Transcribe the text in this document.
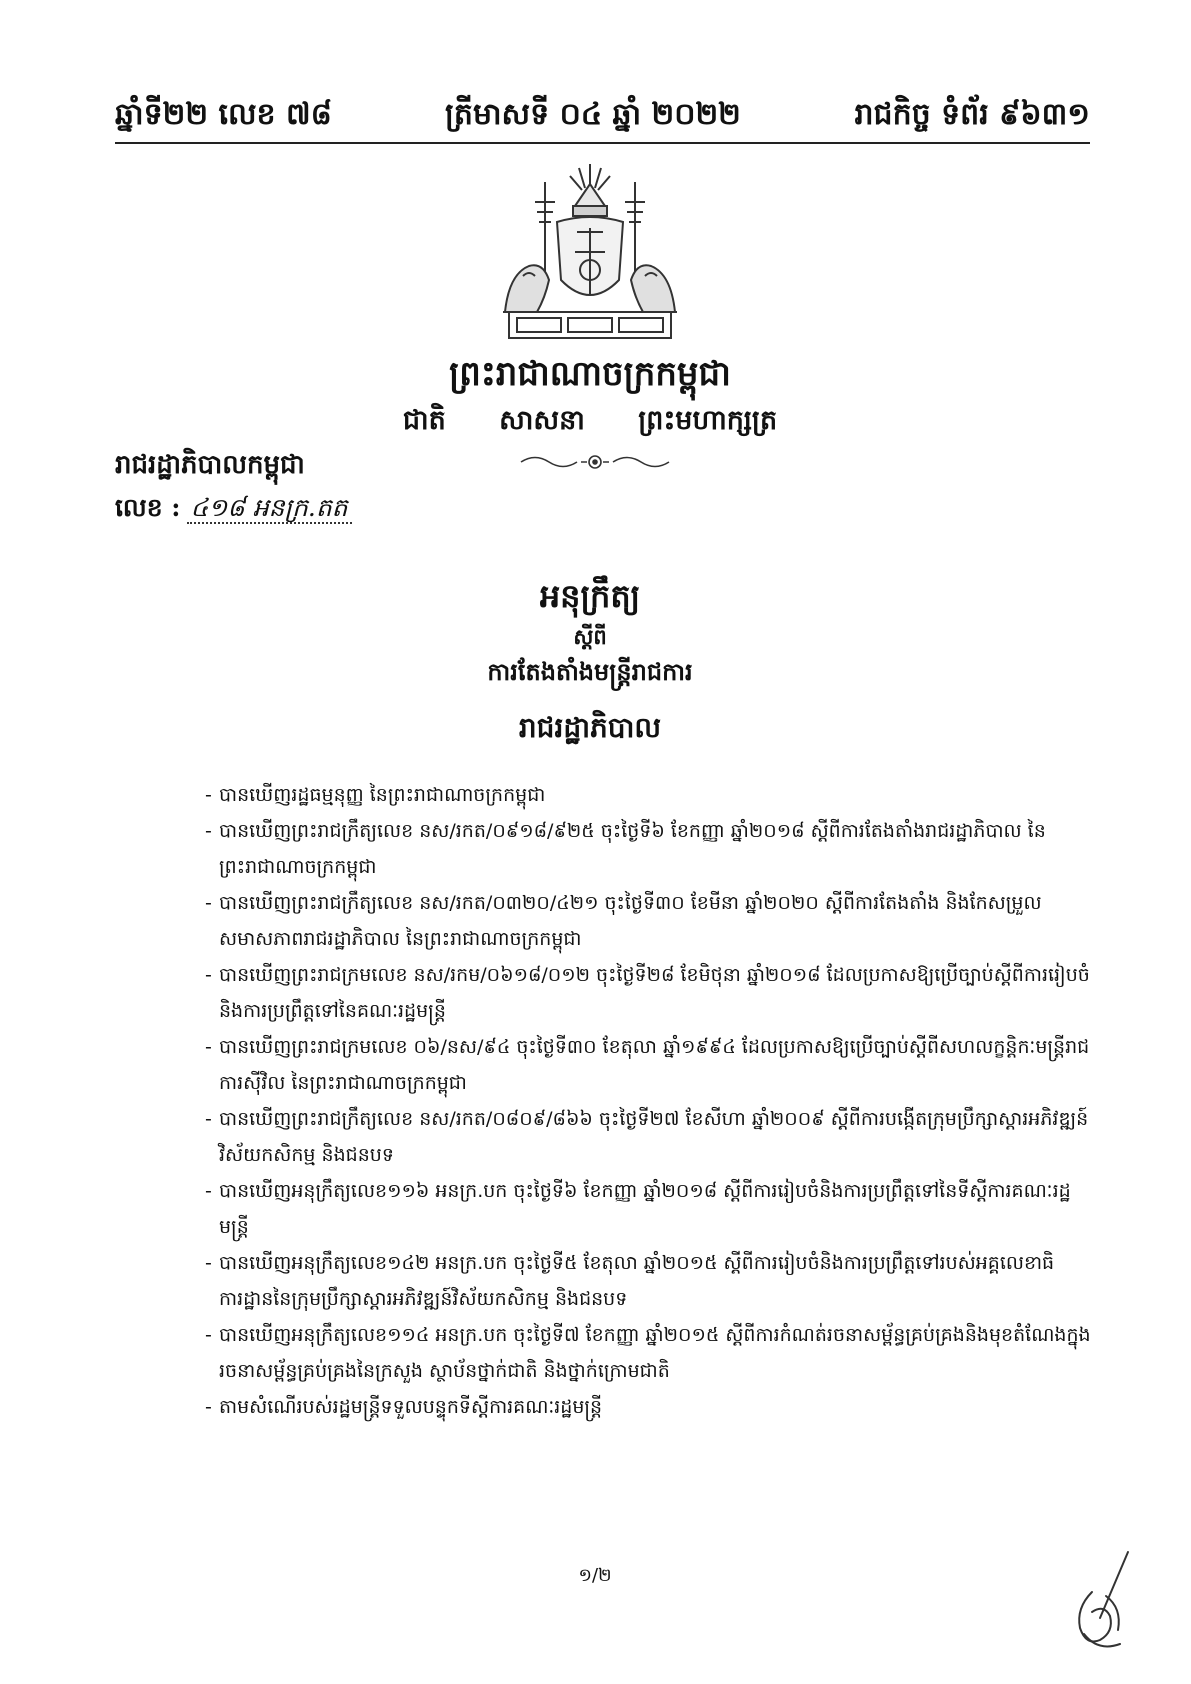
ឆ្នាំទី២២ លេខ ៧៨	ត្រីមាសទី ០៤ ឆ្នាំ ២០២២	រាជកិច្ច ទំព័រ ៩៦៣១
ព្រះរាជាណាចក្រកម្ពុជា
ជាតិ សាសនា ព្រះមហាក្សត្រ
រាជរដ្ឋាភិបាលកម្ពុជា
លេខ : ៤១៨ អនក្រ.តត
អនុក្រឹត្យ
ស្តីពី
ការតែងតាំងមន្ត្រីរាជការ
រាជរដ្ឋាភិបាល
- បានឃើញរដ្ឋធម្មនុញ្ញ នៃព្រះរាជាណាចក្រកម្ពុជា
- បានឃើញព្រះរាជក្រឹត្យលេខ នស/រកត/០៩១៨/៩២៥ ចុះថ្ងៃទី៦ ខែកញ្ញា ឆ្នាំ២០១៨ ស្តីពីការតែងតាំងរាជរដ្ឋាភិបាល នៃព្រះរាជាណាចក្រកម្ពុជា
- បានឃើញព្រះរាជក្រឹត្យលេខ នស/រកត/០៣២០/៤២១ ចុះថ្ងៃទី៣០ ខែមីនា ឆ្នាំ២០២០ ស្តីពីការតែងតាំង និងកែសម្រួលសមាសភាពរាជរដ្ឋាភិបាល នៃព្រះរាជាណាចក្រកម្ពុជា
- បានឃើញព្រះរាជក្រមលេខ នស/រកម/០៦១៨/០១២ ចុះថ្ងៃទី២៨ ខែមិថុនា ឆ្នាំ២០១៨ ដែលប្រកាសឱ្យប្រើច្បាប់ស្តីពីការរៀបចំនិងការប្រព្រឹត្តទៅនៃគណៈរដ្ឋមន្ត្រី
- បានឃើញព្រះរាជក្រមលេខ ០៦/នស/៩៤ ចុះថ្ងៃទី៣០ ខែតុលា ឆ្នាំ១៩៩៤ ដែលប្រកាសឱ្យប្រើច្បាប់ស្តីពីសហលក្ខន្តិកៈមន្ត្រីរាជការស៊ីវិល នៃព្រះរាជាណាចក្រកម្ពុជា
- បានឃើញព្រះរាជក្រឹត្យលេខ នស/រកត/០៨០៩/៨៦៦ ចុះថ្ងៃទី២៧ ខែសីហា ឆ្នាំ២០០៩ ស្តីពីការបង្កើតក្រុមប្រឹក្សាស្តារអភិវឌ្ឍន៍វិស័យកសិកម្ម និងជនបទ
- បានឃើញអនុក្រឹត្យលេខ១១៦ អនក្រ.បក ចុះថ្ងៃទី៦ ខែកញ្ញា ឆ្នាំ២០១៨ ស្តីពីការរៀបចំនិងការប្រព្រឹត្តទៅនៃទីស្តីការគណៈរដ្ឋមន្ត្រី
- បានឃើញអនុក្រឹត្យលេខ១៤២ អនក្រ.បក ចុះថ្ងៃទី៥ ខែតុលា ឆ្នាំ២០១៥ ស្តីពីការរៀបចំនិងការប្រព្រឹត្តទៅរបស់អគ្គលេខាធិការដ្ឋាននៃក្រុមប្រឹក្សាស្តារអភិវឌ្ឍន៍វិស័យកសិកម្ម និងជនបទ
- បានឃើញអនុក្រឹត្យលេខ១១៤ អនក្រ.បក ចុះថ្ងៃទី៧ ខែកញ្ញា ឆ្នាំ២០១៥ ស្តីពីការកំណត់រចនាសម្ព័ន្ធគ្រប់គ្រងនិងមុខតំណែងក្នុងរចនាសម្ព័ន្ធគ្រប់គ្រងនៃក្រសួង ស្ថាប័នថ្នាក់ជាតិ និងថ្នាក់ក្រោមជាតិ
- តាមសំណើរបស់រដ្ឋមន្ត្រីទទួលបន្ទុកទីស្តីការគណៈរដ្ឋមន្ត្រី
១/២
